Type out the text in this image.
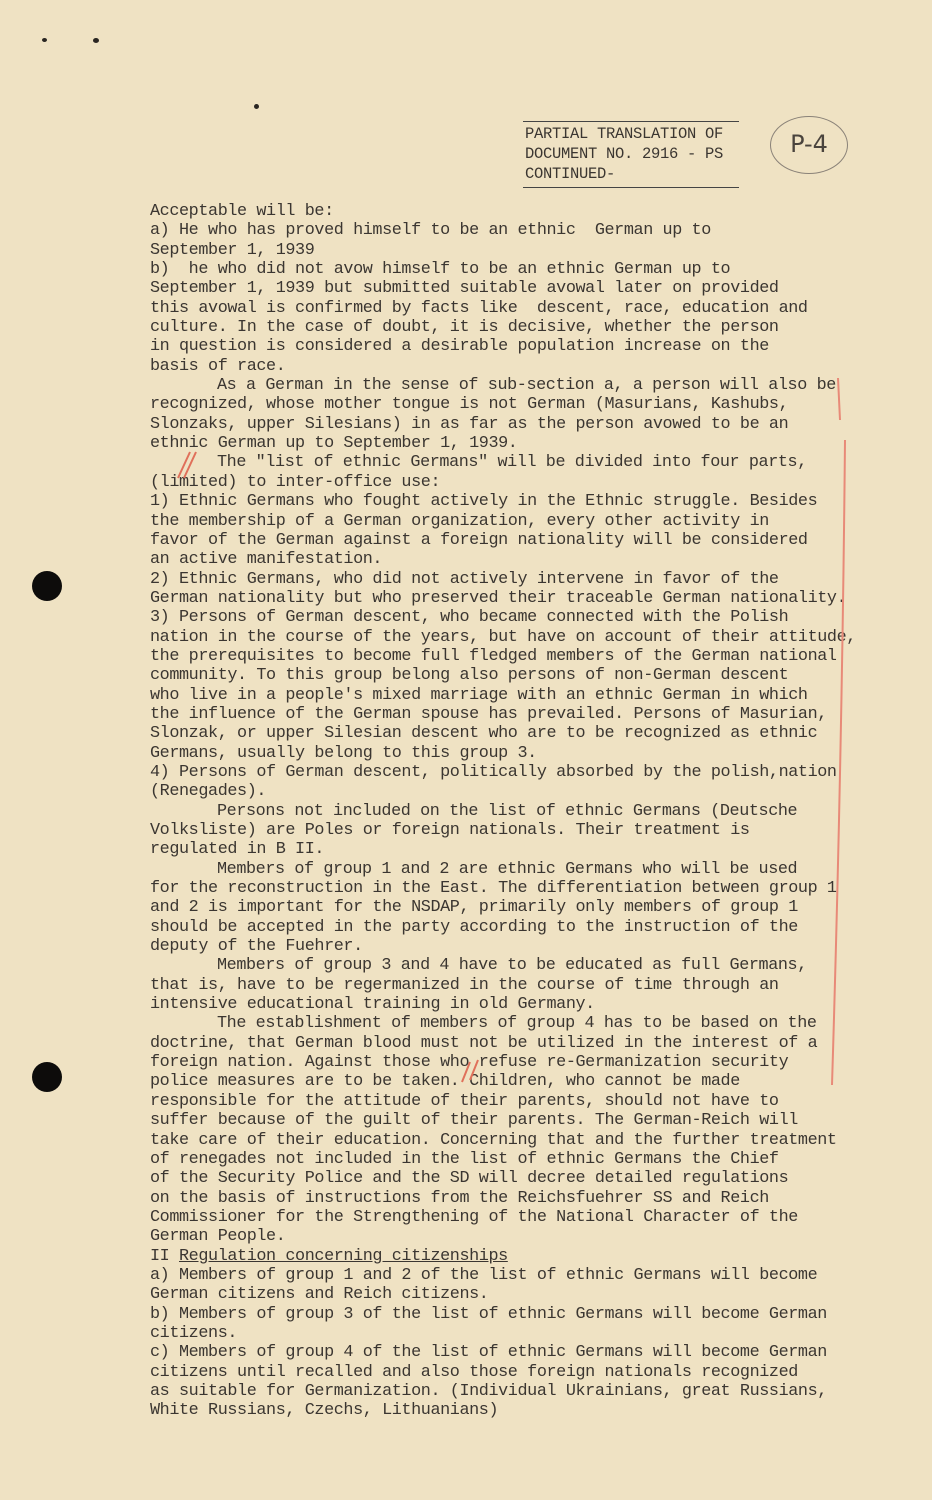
PARTIAL TRANSLATION OF
DOCUMENT NO. 2916 - PS
CONTINUED-
P-4
Acceptable will be:
a) He who has proved himself to be an ethnic  German up to
September 1, 1939
b)  he who did not avow himself to be an ethnic German up to
September 1, 1939 but submitted suitable avowal later on provided
this avowal is confirmed by facts like  descent, race, education and
culture. In the case of doubt, it is decisive, whether the person
in question is considered a desirable population increase on the
basis of race.
As a German in the sense of sub-section a, a person will also be
recognized, whose mother tongue is not German (Masurians, Kashubs,
Slonzaks, upper Silesians) in as far as the person avowed to be an
ethnic German up to September 1, 1939.
The "list of ethnic Germans" will be divided into four parts,
(limited) to inter-office use:
1) Ethnic Germans who fought actively in the Ethnic struggle. Besides
the membership of a German organization, every other activity in
favor of the German against a foreign nationality will be considered
an active manifestation.
2) Ethnic Germans, who did not actively intervene in favor of the
German nationality but who preserved their traceable German nationality.
3) Persons of German descent, who became connected with the Polish
nation in the course of the years, but have on account of their attitude,
the prerequisites to become full fledged members of the German national
community. To this group belong also persons of non-German descent
who live in a people's mixed marriage with an ethnic German in which
the influence of the German spouse has prevailed. Persons of Masurian,
Slonzak, or upper Silesian descent who are to be recognized as ethnic
Germans, usually belong to this group 3.
4) Persons of German descent, politically absorbed by the polish,nation
(Renegades).
Persons not included on the list of ethnic Germans (Deutsche
Volksliste) are Poles or foreign nationals. Their treatment is
regulated in B II.
Members of group 1 and 2 are ethnic Germans who will be used
for the reconstruction in the East. The differentiation between group 1
and 2 is important for the NSDAP, primarily only members of group 1
should be accepted in the party according to the instruction of the
deputy of the Fuehrer.
Members of group 3 and 4 have to be educated as full Germans,
that is, have to be regermanized in the course of time through an
intensive educational training in old Germany.
The establishment of members of group 4 has to be based on the
doctrine, that German blood must not be utilized in the interest of a
foreign nation. Against those who refuse re-Germanization security
police measures are to be taken. Children, who cannot be made
responsible for the attitude of their parents, should not have to
suffer because of the guilt of their parents. The German-Reich will
take care of their education. Concerning that and the further treatment
of renegades not included in the list of ethnic Germans the Chief
of the Security Police and the SD will decree detailed regulations
on the basis of instructions from the Reichsfuehrer SS and Reich
Commissioner for the Strengthening of the National Character of the
German People.
II Regulation concerning citizenships
a) Members of group 1 and 2 of the list of ethnic Germans will become
German citizens and Reich citizens.
b) Members of group 3 of the list of ethnic Germans will become German
citizens.
c) Members of group 4 of the list of ethnic Germans will become German
citizens until recalled and also those foreign nationals recognized
as suitable for Germanization. (Individual Ukrainians, great Russians,
White Russians, Czechs, Lithuanians)
